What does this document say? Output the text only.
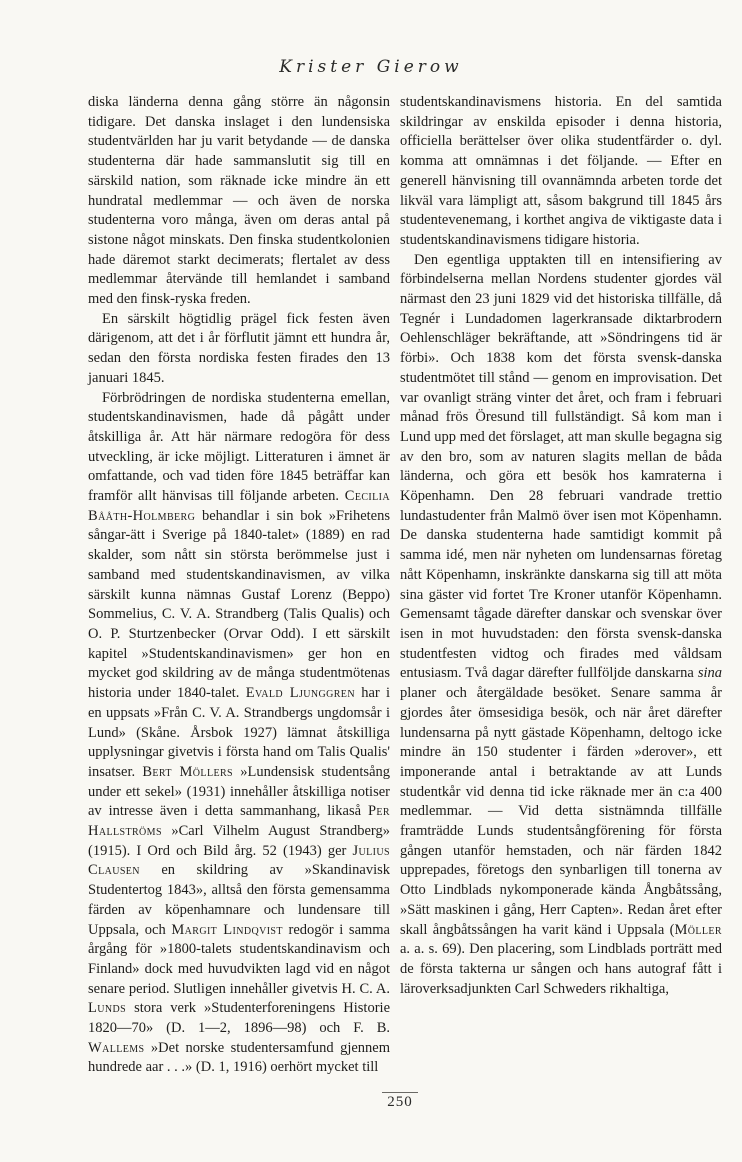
Krister Gierow

diska länderna denna gång större än någonsin tidigare. Det danska inslaget i den lundensiska studentvärlden har ju varit betydande — de danska studenterna där hade sammanslutit sig till en särskild nation, som räknade icke mindre än ett hundratal medlemmar — och även de norska studenterna voro många, även om deras antal på sistone något minskats. Den finska studentkolonien hade däremot starkt decimerats; flertalet av dess medlemmar återvände till hemlandet i samband med den finsk-ryska freden.

En särskilt högtidlig prägel fick festen även därigenom, att det i år förflutit jämnt ett hundra år, sedan den första nordiska festen firades den 13 januari 1845.

Förbrödringen de nordiska studenterna emellan, studentskandinavismen, hade då pågått under åtskilliga år. Att här närmare redogöra för dess utveckling, är icke möjligt. Litteraturen i ämnet är omfattande, och vad tiden före 1845 beträffar kan framför allt hänvisas till följande arbeten. Cecilia Bååth-Holmberg behandlar i sin bok »Frihetens sångar-ätt i Sverige på 1840-talet» (1889) en rad skalder, som nått sin största berömmelse just i samband med studentskandinavismen, av vilka särskilt kunna nämnas Gustaf Lorenz (Beppo) Sommelius, C. V. A. Strandberg (Talis Qualis) och O. P. Sturtzenbecker (Orvar Odd). I ett särskilt kapitel »Studentskandinavismen» ger hon en mycket god skildring av de många studentmötenas historia under 1840-talet. Evald Ljunggren har i en uppsats »Från C. V. A. Strandbergs ungdomsår i Lund» (Skåne. Årsbok 1927) lämnat åtskilliga upplysningar givetvis i första hand om Talis Qualis' insatser. Bert Möllers »Lundensisk studentsång under ett sekel» (1931) innehåller åtskilliga notiser av intresse även i detta sammanhang, likaså Per Hallströms »Carl Vilhelm August Strandberg» (1915). I Ord och Bild årg. 52 (1943) ger Julius Clausen en skildring av »Skandinavisk Studentertog 1843», alltså den första gemensamma färden av köpenhamnare och lundensare till Uppsala, och Margit Lindqvist redogör i samma årgång för »1800-talets studentskandinavism och Finland» dock med huvudvikten lagd vid en något senare period. Slutligen innehåller givetvis H. C. A. Lunds stora verk »Studenterforeningens Historie 1820—70» (D. 1—2, 1896—98) och F. B. Wallems »Det norske studentersamfund gjennem hundrede aar . . .» (D. 1, 1916) oerhört mycket till

studentskandinavismens historia. En del samtida skildringar av enskilda episoder i denna historia, officiella berättelser över olika studentfärder o. dyl. komma att omnämnas i det följande. — Efter en generell hänvisning till ovannämnda arbeten torde det likväl vara lämpligt att, såsom bakgrund till 1845 års studentevenemang, i korthet angiva de viktigaste data i studentskandinavismens tidigare historia.

Den egentliga upptakten till en intensifiering av förbindelserna mellan Nordens studenter gjordes väl närmast den 23 juni 1829 vid det historiska tillfälle, då Tegnér i Lundadomen lagerkransade diktarbrodern Oehlenschläger bekräftande, att »Söndringens tid är förbi». Och 1838 kom det första svensk-danska studentmötet till stånd — genom en improvisation. Det var ovanligt sträng vinter det året, och fram i februari månad frös Öresund till fullständigt. Så kom man i Lund upp med det förslaget, att man skulle begagna sig av den bro, som av naturen slagits mellan de båda länderna, och göra ett besök hos kamraterna i Köpenhamn. Den 28 februari vandrade trettio lundastudenter från Malmö över isen mot Köpenhamn. De danska studenterna hade samtidigt kommit på samma idé, men när nyheten om lundensarnas företag nått Köpenhamn, inskränkte danskarna sig till att möta sina gäster vid fortet Tre Kroner utanför Köpenhamn. Gemensamt tågade därefter danskar och svenskar över isen in mot huvudstaden: den första svensk-danska studentfesten vidtog och firades med våldsam entusiasm. Två dagar därefter fullföljde danskarna sina planer och återgäldade besöket. Senare samma år gjordes åter ömsesidiga besök, och när året därefter lundensarna på nytt gästade Köpenhamn, deltogo icke mindre än 150 studenter i färden »derover», ett imponerande antal i betraktande av att Lunds studentkår vid denna tid icke räknade mer än c:a 400 medlemmar. — Vid detta sistnämnda tillfälle framträdde Lunds studentsångförening för första gången utanför hemstaden, och när färden 1842 upprepades, företogs den synbarligen till tonerna av Otto Lindblads nykomponerade kända Ångbåtssång, »Sätt maskinen i gång, Herr Capten». Redan året efter skall ångbåtssången ha varit känd i Uppsala (Möller a. a. s. 69). Den placering, som Lindblads porträtt med de första takterna ur sången och hans autograf fått i läroverksadjunkten Carl Schweders rikhaltiga,

250
